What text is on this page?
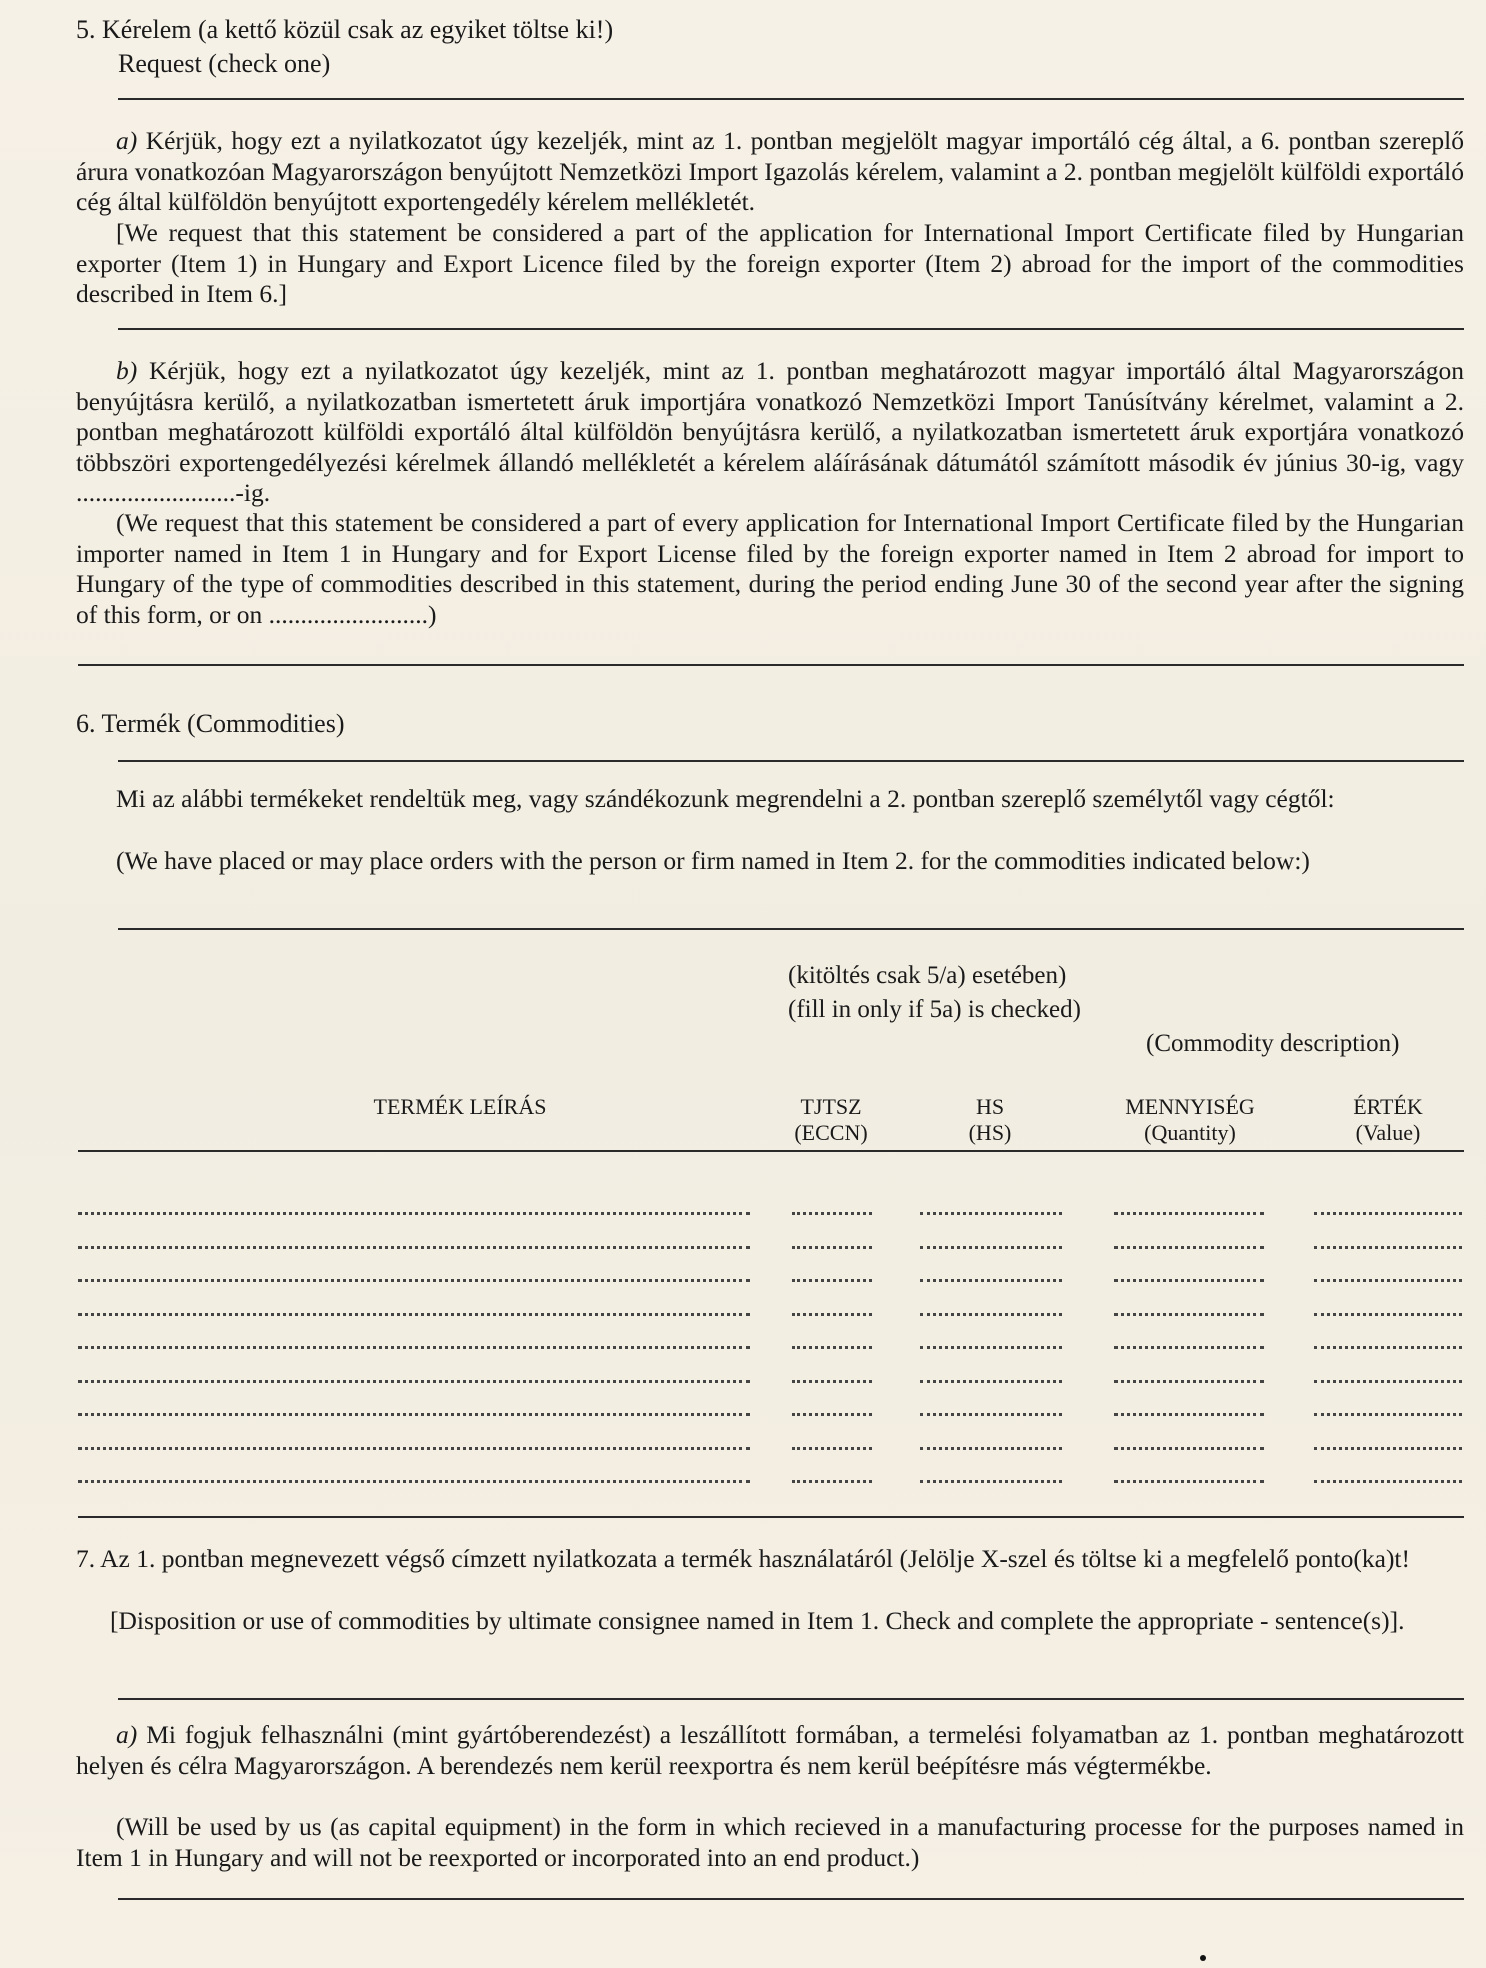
5. Kérelem (a kettő közül csak az egyiket töltse ki!)
Request (check one)
a) Kérjük, hogy ezt a nyilatkozatot úgy kezeljék, mint az 1. pontban megjelölt magyar importáló cég által, a 6. pontban szereplő árura vonatkozóan Magyarországon benyújtott Nemzetközi Import Igazolás kérelem, valamint a 2. pontban megjelölt külföldi exportáló cég által külföldön benyújtott exportengedély kérelem mellékletét.
[We request that this statement be considered a part of the application for International Import Certificate filed by Hungarian exporter (Item 1) in Hungary and Export Licence filed by the foreign exporter (Item 2) abroad for the import of the commodities described in Item 6.]
b) Kérjük, hogy ezt a nyilatkozatot úgy kezeljék, mint az 1. pontban meghatározott magyar importáló által Magyarországon benyújtásra kerülő, a nyilatkozatban ismertetett áruk importjára vonatkozó Nemzetközi Import Tanúsítvány kérelmet, valamint a 2. pontban meghatározott külföldi exportáló által külföldön benyújtásra kerülő, a nyilatkozatban ismertetett áruk exportjára vonatkozó többszöri exportengedélyezési kérelmek állandó mellékletét a kérelem aláírásának dátumától számított második év június 30-ig, vagy .........................-ig.
(We request that this statement be considered a part of every application for International Import Certificate filed by the Hungarian importer named in Item 1 in Hungary and for Export License filed by the foreign exporter named in Item 2 abroad for import to Hungary of the type of commodities described in this statement, during the period ending June 30 of the second year after the signing of this form, or on .........................)
6. Termék (Commodities)
Mi az alábbi termékeket rendeltük meg, vagy szándékozunk megrendelni a 2. pontban szereplő személytől vagy cégtől:
(We have placed or may place orders with the person or firm named in Item 2. for the commodities indicated below:)
(kitöltés csak 5/a) esetében)
(fill in only if 5a) is checked)
(Commodity description)
TERMÉK LEÍRÁS	TJTSZ
(ECCN)
HS
(HS)
MENNYISÉG
(Quantity)
ÉRTÉK
(Value)
7. Az 1. pontban megnevezett végső címzett nyilatkozata a termék használatáról (Jelölje X-szel és töltse ki a megfelelő ponto(ka)t!
[Disposition or use of commodities by ultimate consignee named in Item 1. Check and complete the appropriate - sentence(s)].
a) Mi fogjuk felhasználni (mint gyártóberendezést) a leszállított formában, a termelési folyamatban az 1. pontban meghatározott helyen és célra Magyarországon. A berendezés nem kerül reexportra és nem kerül beépítésre más végtermékbe.
(Will be used by us (as capital equipment) in the form in which recieved in a manufacturing processe for the purposes named in Item 1 in Hungary and will not be reexported or incorporated into an end product.)
